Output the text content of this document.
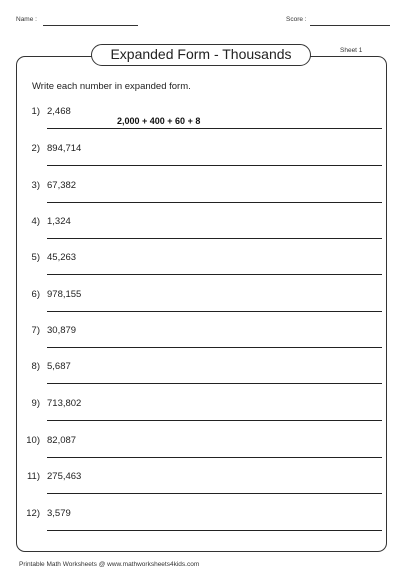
Name :	Score :
Expanded Form - Thousands	Sheet 1
Write each number in expanded form.
1) 2,468
2,000 + 400 + 60 + 8
2) 894,714
3) 67,382
4) 1,324
5) 45,263
6) 978,155
7) 30,879
8) 5,687
9) 713,802
10) 82,087
11) 275,463
12) 3,579
Printable Math Worksheets @ www.mathworksheets4kids.com
